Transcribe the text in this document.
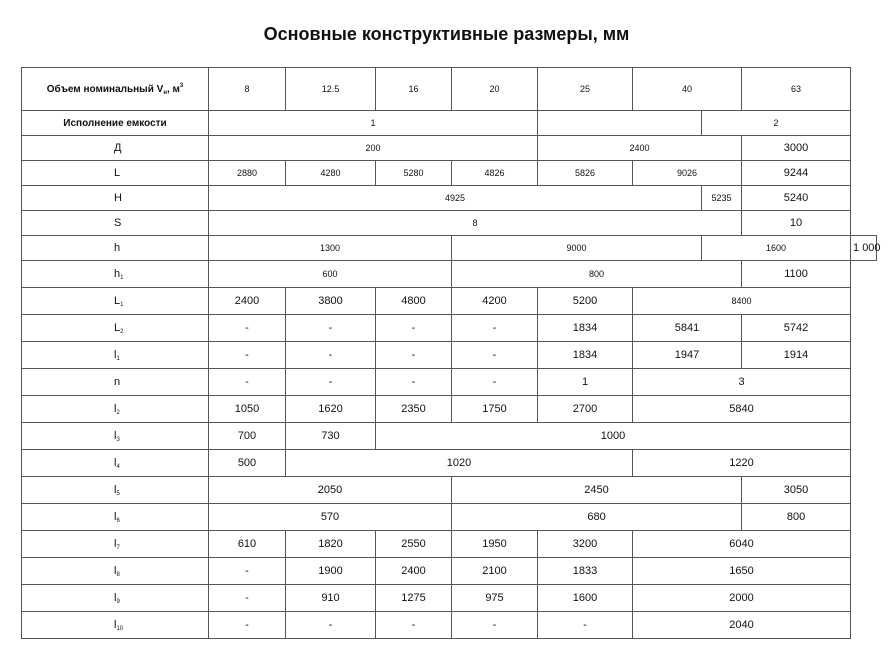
Основные конструктивные размеры, мм
Объем номинальный $V_н$, $м^3$	8	12.5	16	20	25	40		63	
Исполнение емкости	1						2		
Д	200				2400			3000	
L	2880	4280	5280	4826	5826	9026		9244	
H	4925						5235	5240	
S	8							10	
h	1300			9000			1600		1 000
$h_1$	600			800				1100	
$L_1$	2400	3800	4800	4200	5200	8400			
$L_2$	-	-	-	-	1834	5841		5742	
$l_1$	-	-	-	-	1834	1947		1914	
n	-	-	-	-	1	3			
$l_2$	1050	1620	2350	1750	2700	5840			
$l_3$	700	730	1000						
$l_4$	500	1020				1220			
$l_5$	2050			2450				3050	
$l_6$	570			680				800	
$l_7$	610	1820	2550	1950	3200	6040			
$l_8$	-	1900	2400	2100	1833	1650			
$l_9$	-	910	1275	975	1600	2000			
$l_{10}$	-	-	-	-	-	2040			
